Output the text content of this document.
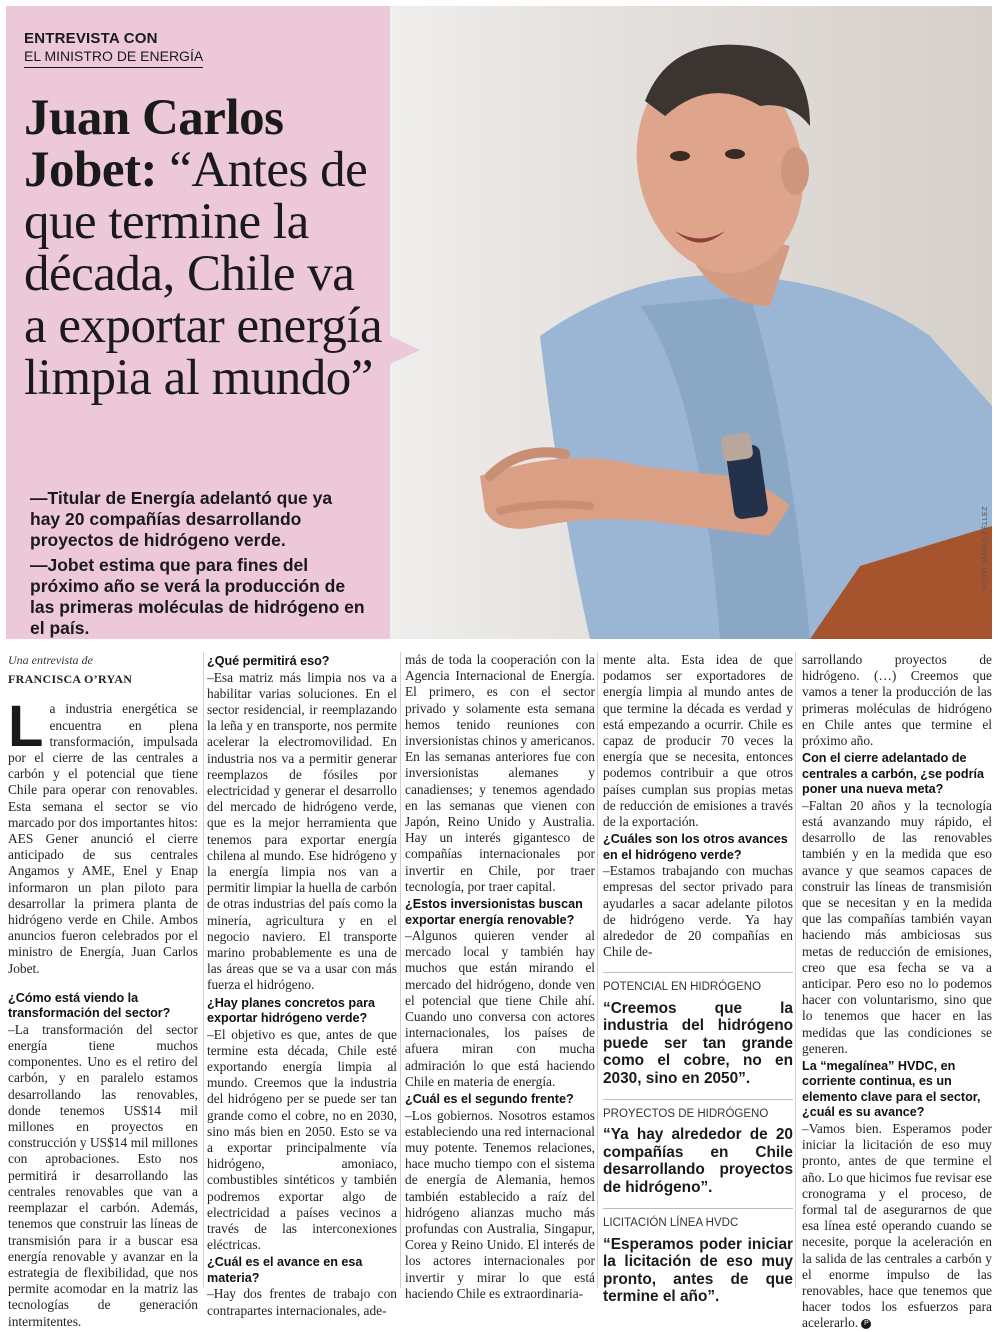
ENTREVISTA CON
EL MINISTRO DE ENERGÍA
Juan Carlos Jobet: “Antes de que termine la década, Chile va a exportar energía limpia al mundo”

—Titular de Energía adelantó que ya hay 20 compañías desarrollando proyectos de hidrógeno verde.

—Jobet estima que para fines del próximo año se verá la producción de las primeras moléculas de hidrógeno en el país.

FOTO: MARIO TÉLLEZ
Una entrevista de
FRANCISCA O’RYAN

La industria energética se encuentra en plena transformación, impulsada por el cierre de las centrales a carbón y el potencial que tiene Chile para operar con renovables. Esta semana el sector se vio marcado por dos importantes hitos: AES Gener anunció el cierre anticipado de sus centrales Angamos y AME, Enel y Enap informaron un plan piloto para desarrollar la primera planta de hidrógeno verde en Chile. Ambos anuncios fueron celebrados por el ministro de Energía, Juan Carlos Jobet.

¿Cómo está viendo la transformación del sector?

–La transformación del sector energía tiene muchos componentes. Uno es el retiro del carbón, y en paralelo estamos desarrollando las renovables, donde tenemos US$14 mil millones en proyectos en construcción y US$14 mil millones con aprobaciones. Esto nos permitirá ir desarrollando las centrales renovables que van a reemplazar el carbón. Además, tenemos que construir las líneas de transmisión para ir a buscar esa energía renovable y avanzar en la estrategia de flexibilidad, que nos permite acomodar en la matriz las tecnologías de generación intermitentes.

¿Qué permitirá eso?

–Esa matriz más limpia nos va a habilitar varias soluciones. En el sector residencial, ir reemplazando la leña y en transporte, nos permite acelerar la electromovilidad. En industria nos va a permitir generar reemplazos de fósiles por electricidad y generar el desarrollo del mercado de hidrógeno verde, que es la mejor herramienta que tenemos para exportar energía chilena al mundo. Ese hidrógeno y la energía limpia nos van a permitir limpiar la huella de carbón de otras industrias del país como la minería, agricultura y en el negocio naviero. El transporte marino probablemente es una de las áreas que se va a usar con más fuerza el hidrógeno.

¿Hay planes concretos para exportar hidrógeno verde?

–El objetivo es que, antes de que termine esta década, Chile esté exportando energía limpia al mundo. Creemos que la industria del hidrógeno per se puede ser tan grande como el cobre, no en 2030, sino más bien en 2050. Esto se va a exportar principalmente vía hidrógeno, amoniaco, combustibles sintéticos y también podremos exportar algo de electricidad a países vecinos a través de las interconexiones eléctricas.

¿Cuál es el avance en esa materia?

–Hay dos frentes de trabajo con contrapartes internacionales, ade-

más de toda la cooperación con la Agencia Internacional de Energía. El primero, es con el sector privado y solamente esta semana hemos tenido reuniones con inversionistas chinos y americanos. En las semanas anteriores fue con inversionistas alemanes y canadienses; y tenemos agendado en las semanas que vienen con Japón, Reino Unido y Australia. Hay un interés gigantesco de compañías internacionales por invertir en Chile, por traer tecnología, por traer capital.

¿Estos inversionistas buscan exportar energía renovable?

–Algunos quieren vender al mercado local y también hay muchos que están mirando el mercado del hidrógeno, donde ven el potencial que tiene Chile ahí. Cuando uno conversa con actores internacionales, los países de afuera miran con mucha admiración lo que está haciendo Chile en materia de energía.

¿Cuál es el segundo frente?

–Los gobiernos. Nosotros estamos estableciendo una red internacional muy potente. Tenemos relaciones, hace mucho tiempo con el sistema de energía de Alemania, hemos también establecido a raíz del hidrógeno alianzas mucho más profundas con Australia, Singapur, Corea y Reino Unido. El interés de los actores internacionales por invertir y mirar lo que está haciendo Chile es extraordinaria-

mente alta. Esta idea de que podamos ser exportadores de energía limpia al mundo antes de que termine la década es verdad y está empezando a ocurrir. Chile es capaz de producir 70 veces la energía que se necesita, entonces podemos contribuir a que otros países cumplan sus propias metas de reducción de emisiones a través de la exportación.

¿Cuáles son los otros avances en el hidrógeno verde?

–Estamos trabajando con muchas empresas del sector privado para ayudarles a sacar adelante pilotos de hidrógeno verde. Ya hay alrededor de 20 compañías en Chile de-

POTENCIAL EN HIDRÓGENO
“Creemos que la industria del hidrógeno puede ser tan grande como el cobre, no en 2030, sino en 2050”.
PROYECTOS DE HIDRÓGENO
“Ya hay alrededor de 20 compañías en Chile desarrollando proyectos de hidrógeno”.
LICITACIÓN LÍNEA HVDC
“Esperamos poder iniciar la licitación de eso muy pronto, antes de que termine el año”.

sarrollando proyectos de hidrógeno. (…) Creemos que vamos a tener la producción de las primeras moléculas de hidrógeno en Chile antes que termine el próximo año.

Con el cierre adelantado de centrales a carbón, ¿se podría poner una nueva meta?

–Faltan 20 años y la tecnología está avanzando muy rápido, el desarrollo de las renovables también y en la medida que eso avance y que seamos capaces de construir las líneas de transmisión que se necesitan y en la medida que las compañías también vayan haciendo más ambiciosas sus metas de reducción de emisiones, creo que esa fecha se va a anticipar. Pero eso no lo podemos hacer con voluntarismo, sino que lo tenemos que hacer en las medidas que las condiciones se generen.

La “megalínea” HVDC, en corriente continua, es un elemento clave para el sector, ¿cuál es su avance?

–Vamos bien. Esperamos poder iniciar la licitación de eso muy pronto, antes de que termine el año. Lo que hicimos fue revisar ese cronograma y el proceso, de formal tal de asegurarnos de que esa línea esté operando cuando se necesite, porque la aceleración en la salida de las centrales a carbón y el enorme impulso de las renovables, hace que tenemos que hacer todos los esfuerzos para acelerarlo. P
